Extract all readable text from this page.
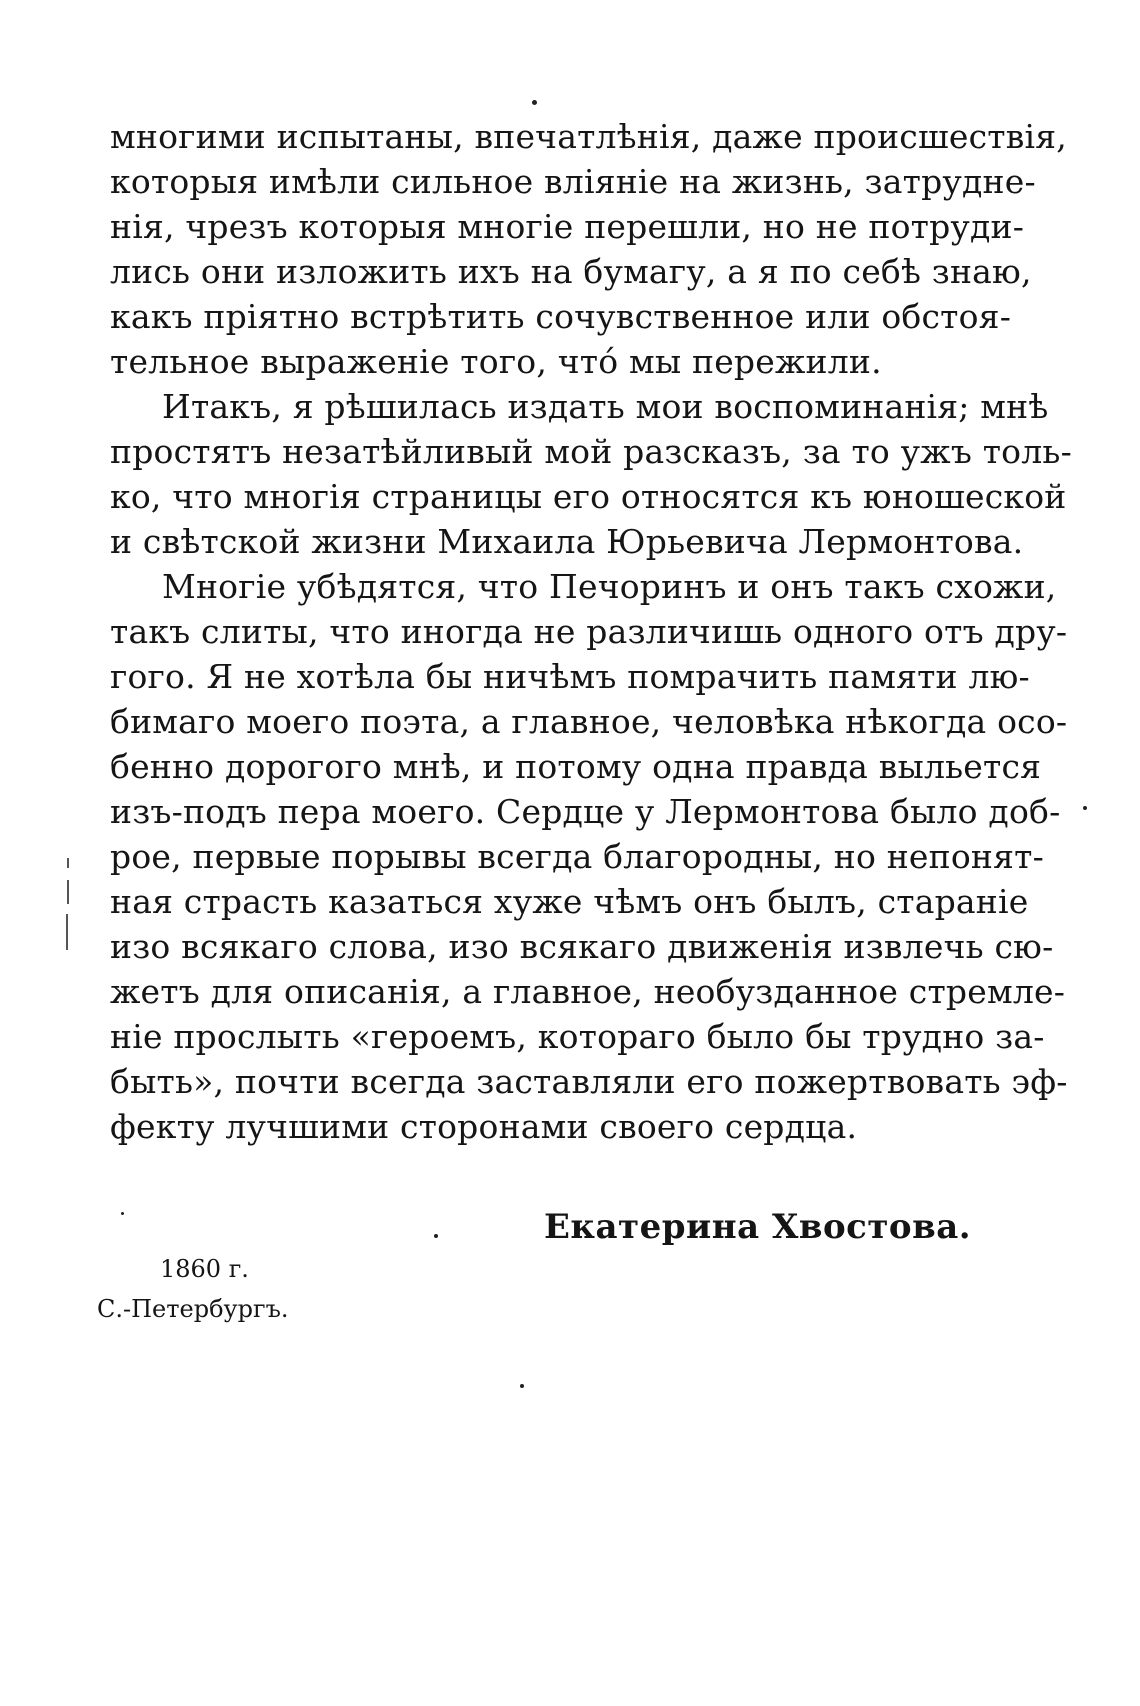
многими испытаны, впечатлѣнія, даже происшествія,
которыя имѣли сильное вліяніе на жизнь, затрудне-
нія, чрезъ которыя многіе перешли, но не потруди-
лись они изложить ихъ на бумагу, а я по себѣ знаю,
какъ пріятно встрѣтить сочувственное или обстоя-
тельное выраженіе того, чтó мы пережили.
Итакъ, я рѣшилась издать мои воспоминанія; мнѣ
простятъ незатѣйливый мой разсказъ, за то ужъ толь-
ко, что многія страницы его относятся къ юношеской
и свѣтской жизни Михаила Юрьевича Лермонтова.
Многіе убѣдятся, что Печоринъ и онъ такъ схожи,
такъ слиты, что иногда не различишь одного отъ дру-
гого. Я не хотѣла бы ничѣмъ помрачить памяти лю-
бимаго моего поэта, а главное, человѣка нѣкогда осо-
бенно дорогого мнѣ, и потому одна правда выльется
изъ-подъ пера моего. Сердце у Лермонтова было доб-
рое, первые порывы всегда благородны, но непонят-
ная страсть казаться хуже чѣмъ онъ былъ, стараніе
изо всякаго слова, изо всякаго движенія извлечь сю-
жетъ для описанія, а главное, необузданное стремле-
ніе прослыть «героемъ, котораго было бы трудно за-
быть», почти всегда заставляли его пожертвовать эф-
фекту лучшими сторонами своего сердца.
Екатерина Хвостова.
1860 г.
С.-Петербургъ.
